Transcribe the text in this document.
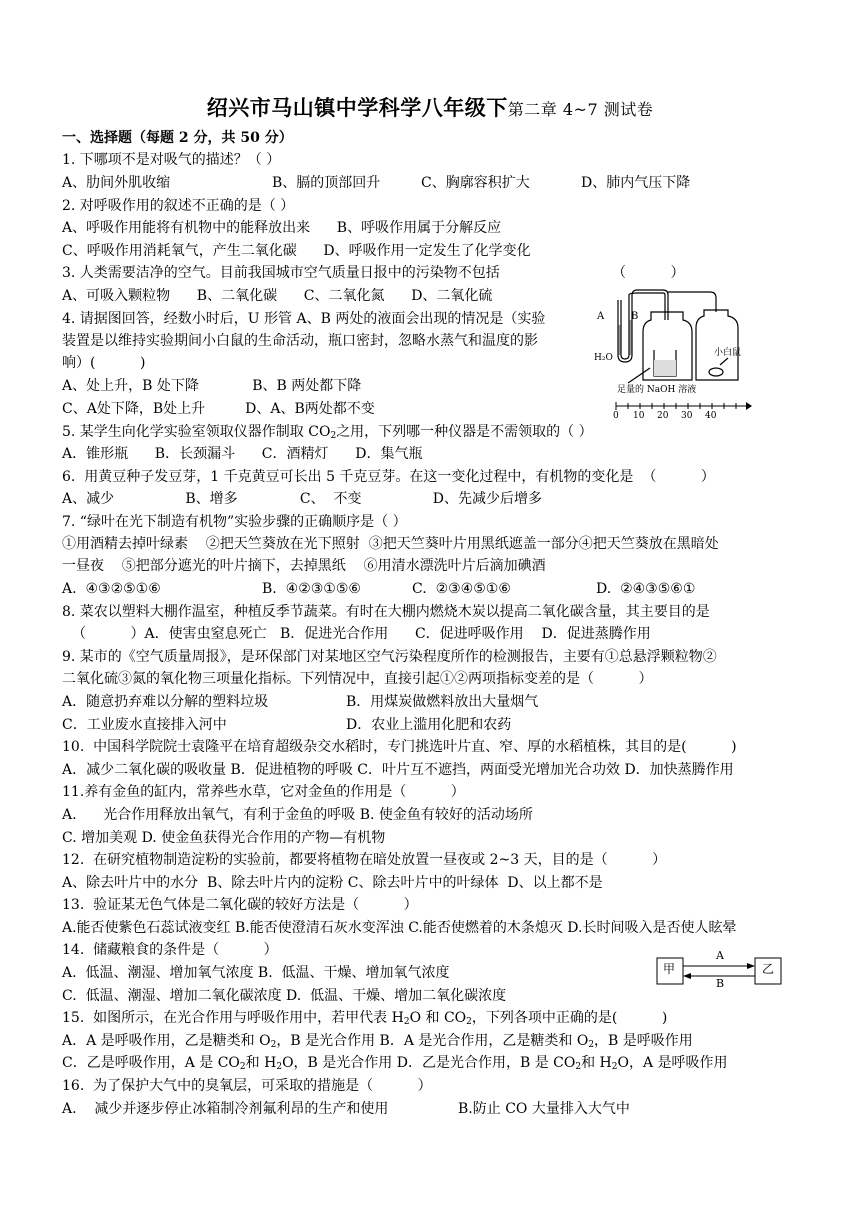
绍兴市马山镇中学科学八年级下第二章 4~7 测试卷
一、选择题（每题 2 分，共 50 分）
1. 下哪项不是对吸气的描述？（ ）
A、肋间外肌收缩	B、膈的顶部回升	C、胸廓容积扩大	D、肺内气压下降
2. 对呼吸作用的叙述不正确的是（ ）
A、呼吸作用能将有机物中的能释放出来      B、呼吸作用属于分解反应
C、呼吸作用消耗氧气，产生二氧化碳      D、呼吸作用一定发生了化学变化
3. 人类需要洁净的空气。目前我国城市空气质量日报中的污染物不包括	（          ）
A、可吸入颗粒物      B、二氧化碳      C、二氧化氮      D、二氧化硫
4. 请据图回答，经数小时后，U 形管 A、B 两处的液面会出现的情况是（实验
装置是以维持实验期间小白鼠的生命活动，瓶口密封，忽略水蒸气和温度的影
响）(          )
A、处上升，B 处下降            B、B 两处都下降
C、A处下降，B处上升         D、A、B两处都不变
A	B
H₂O	小白鼠
足量的 NaOH 溶液
0 10 20 30 40
5. 某学生向化学实验室领取仪器作制取 $CO_2$之用，下列哪一种仪器是不需领取的（ ）
A．锥形瓶      B．长颈漏斗      C．酒精灯      D．集气瓶
6.  用黄豆种子发豆芽，1 千克黄豆可长出 5 千克豆芽。在这一变化过程中，有机物的变化是  （          ）
A、减少                B、增多              C、  不变                D、先减少后增多
7. “绿叶在光下制造有机物”实验步骤的正确顺序是（ ）
①用酒精去掉叶绿素    ②把天竺葵放在光下照射  ③把天竺葵叶片用黑纸遮盖一部分④把天竺葵放在黑暗处
一昼夜    ⑤把部分遮光的叶片摘下，去掉黑纸    ⑥用清水漂洗叶片后滴加碘酒
A.  ④③②⑤①⑥	B.  ④②③①⑤⑥	C.  ②③④⑤①⑥	D.  ②④③⑤⑥①
8. 菜农以塑料大棚作温室，种植反季节蔬菜。有时在大棚内燃烧木炭以提高二氧化碳含量，其主要目的是
（          ）A．使害虫窒息死亡   B．促进光合作用      C．促进呼吸作用    D．促进蒸腾作用
9. 某市的《空气质量周报》，是环保部门对某地区空气污染程度所作的检测报告，主要有①总悬浮颗粒物②
二氧化硫③氮的氧化物三项量化指标。下列情况中，直接引起①②两项指标变差的是（          ）
A．随意扔弃难以分解的塑料垃圾	B．用煤炭做燃料放出大量烟气
C．工业废水直接排入河中	D．农业上滥用化肥和农药
10.  中国科学院院士袁隆平在培育超级杂交水稻时，专门挑选叶片直、窄、厚的水稻植株，其目的是(          )
A．减少二氧化碳的吸收量 B．促进植物的呼吸 C．叶片互不遮挡，两面受光增加光合功效 D．加快蒸腾作用
11.养有金鱼的缸内，常养些水草，它对金鱼的作用是（          ）
A.      光合作用释放出氧气，有利于金鱼的呼吸 B. 使金鱼有较好的活动场所
C. 增加美观 D. 使金鱼获得光合作用的产物—有机物
12.  在研究植物制造淀粉的实验前，都要将植物在暗处放置一昼夜或 2~3 天，目的是（          ）
A、除去叶片中的水分  B、除去叶片内的淀粉 C、除去叶片中的叶绿体  D、以上都不是
13.  验证某无色气体是二氧化碳的较好方法是（          ）
A.能否使紫色石蕊试液变红 B.能否使澄清石灰水变浑浊 C.能否使燃着的木条熄灭 D.长时间吸入是否使人眩晕
14.  储藏粮食的条件是（          ）
A.  低温、潮湿、增加氧气浓度 B.  低温、干燥、增加氧气浓度
C.  低温、潮湿、增加二氧化碳浓度 D.  低温、干燥、增加二氧化碳浓度
甲	乙
A
B
15.  如图所示，在光合作用与呼吸作用中，若甲代表 $H_2O$ 和 $CO_2$，下列各项中正确的是(          )
A．A 是呼吸作用，乙是糖类和 $O_2$，B 是光合作用 B．A 是光合作用，乙是糖类和 $O_2$，B 是呼吸作用
C．乙是呼吸作用，A 是 $CO_2$和 $H_2O$，B 是光合作用 D．乙是光合作用，B 是 $CO_2$和 $H_2O$，A 是呼吸作用
16.  为了保护大气中的臭氧层，可采取的措施是（          ）
A.    减少并逐步停止冰箱制冷剂氟利昂的生产和使用	B.防止 CO 大量排入大气中
